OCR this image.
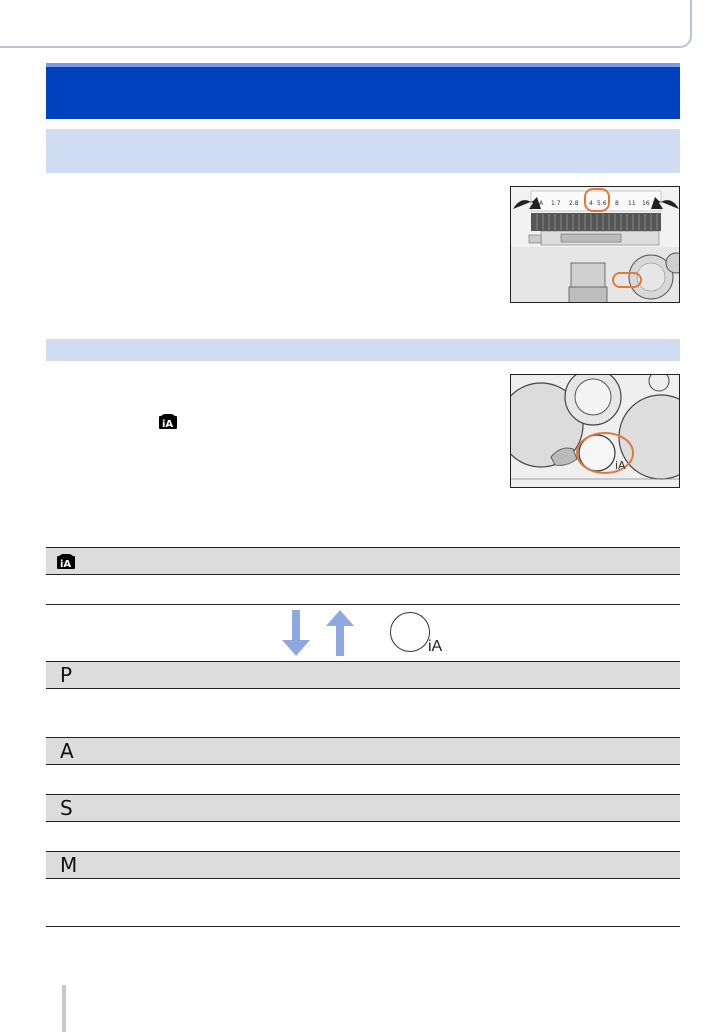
A 1.7 2.8 4 5.6 8 11 16
iA
iA
iA
iA
P
A
S
M
